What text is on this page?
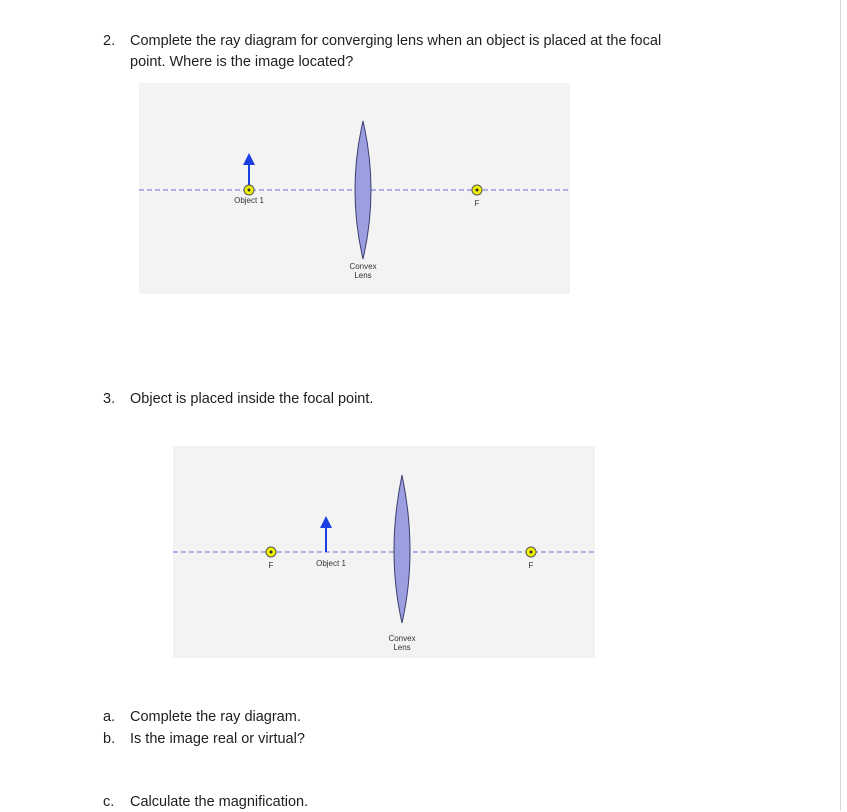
2. Complete the ray diagram for converging lens when an object is placed at the focal
point. Where is the image located?
Object 1	F
Convex
Lens
3. Object is placed inside the focal point.
F	Object 1	F
Convex
Lens
a. Complete the ray diagram.
b. Is the image real or virtual?
c. Calculate the magnification.
